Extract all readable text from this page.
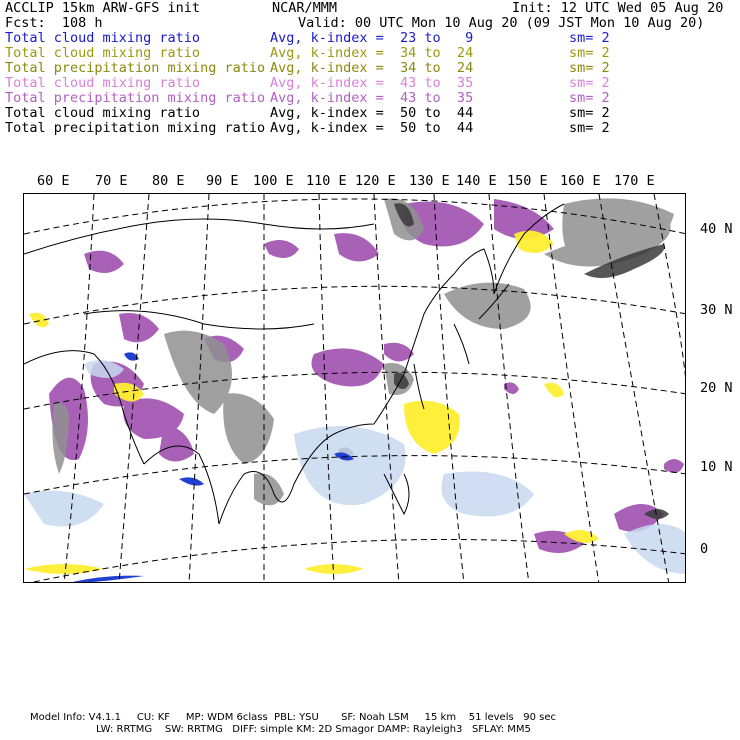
ACCLIP 15km ARW-GFS init	NCAR/MMM	Init: 12 UTC Wed 05 Aug 20
Fcst:  108 h	Valid: 00 UTC Mon 10 Aug 20 (09 JST Mon 10 Aug 20)
Total cloud mixing ratio	Avg, k-index =  23 to   9	sm= 2
Total cloud mixing ratio	Avg, k-index =  34 to  24	sm= 2
Total precipitation mixing ratio Avg, k-index =  34 to  24	sm= 2
Total cloud mixing ratio	Avg, k-index =  43 to  35	sm= 2
Total precipitation mixing ratio Avg, k-index =  43 to  35	sm= 2
Total cloud mixing ratio	Avg, k-index =  50 to  44	sm= 2
Total precipitation mixing ratio Avg, k-index =  50 to  44	sm= 2
60 E 70 E 80 E 90 E 100 E 110 E 120 E 130 E 140 E 150 E 160 E 170 E
40 N
30 N
20 N
10 N
0
Model Info: V4.1.1     CU: KF     MP: WDM 6class  PBL: YSU       SF: Noah LSM     15 km    51 levels   90 sec
LW: RRTMG    SW: RRTMG   DIFF: simple KM: 2D Smagor DAMP: Rayleigh3   SFLAY: MM5
